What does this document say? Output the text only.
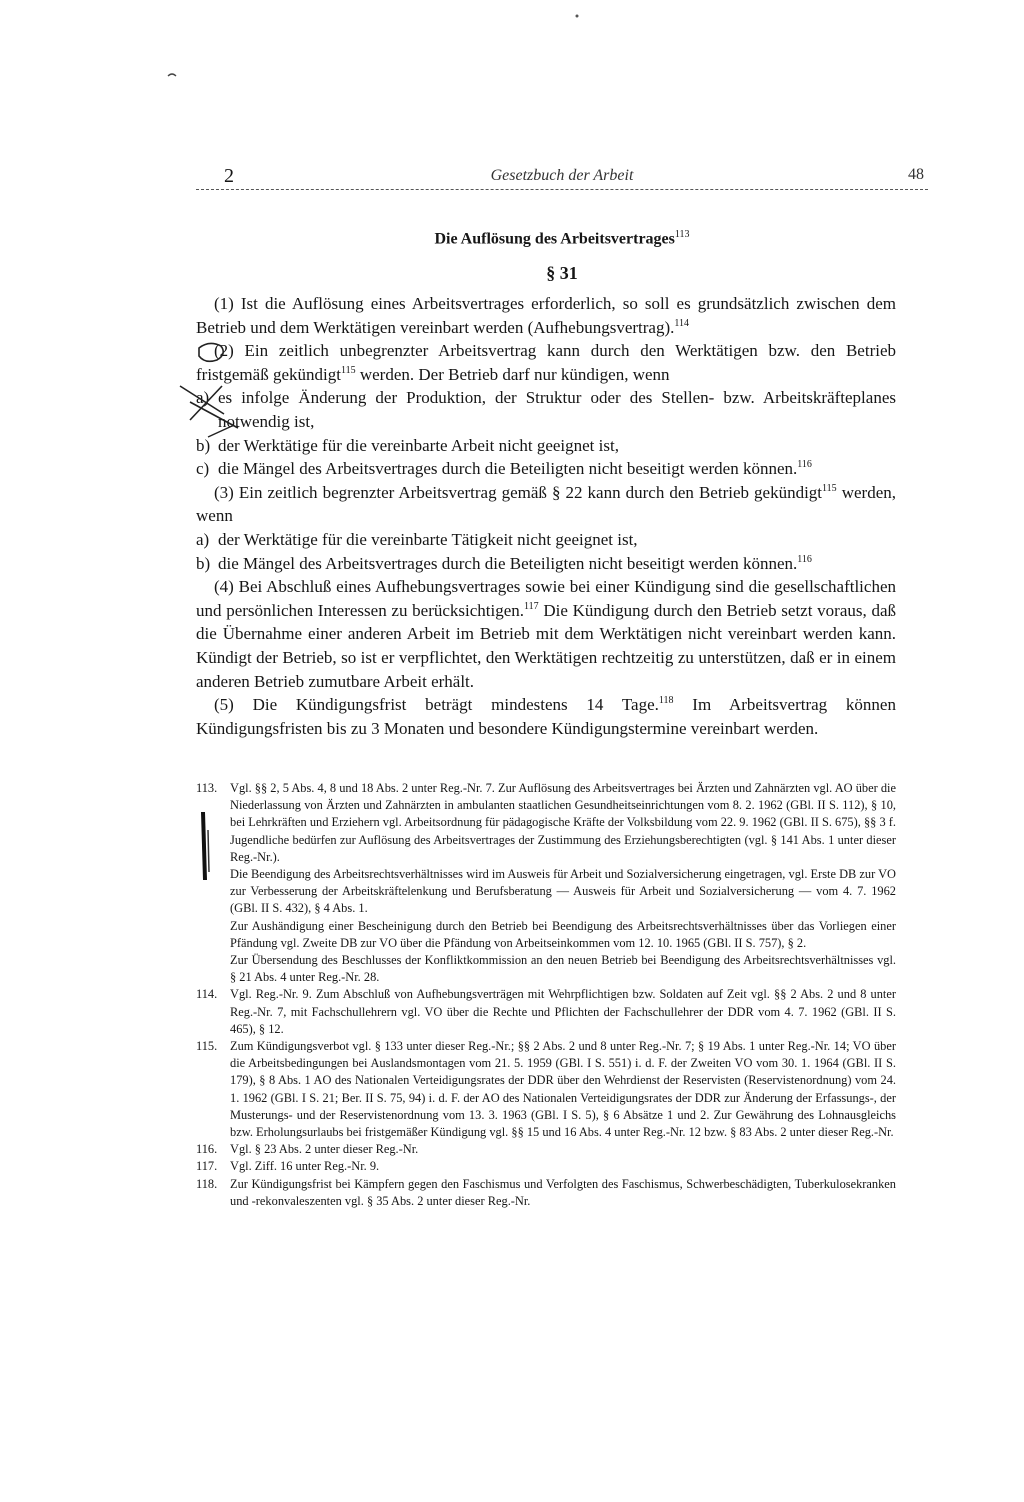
2	Gesetzbuch der Arbeit	48
Die Auflösung des Arbeitsvertrages$^{113}$
§ 31

(1) Ist die Auflösung eines Arbeitsvertrages erforderlich, so soll es grundsätzlich zwischen dem Betrieb und dem Werktätigen vereinbart werden (Aufhebungsvertrag).$^{114}$

(2) Ein zeitlich unbegrenzter Arbeitsvertrag kann durch den Werktätigen bzw. den Betrieb fristgemäß gekündigt$^{115}$ werden. Der Betrieb darf nur kündigen, wenn

a) es infolge Änderung der Produktion, der Struktur oder des Stellen- bzw. Arbeitskräfteplanes notwendig ist,
b) der Werktätige für die vereinbarte Arbeit nicht geeignet ist,
c) die Mängel des Arbeitsvertrages durch die Beteiligten nicht beseitigt werden können.$^{116}$

(3) Ein zeitlich begrenzter Arbeitsvertrag gemäß § 22 kann durch den Betrieb gekündigt$^{115}$ werden, wenn

a) der Werktätige für die vereinbarte Tätigkeit nicht geeignet ist,
b) die Mängel des Arbeitsvertrages durch die Beteiligten nicht beseitigt werden können.$^{116}$

(4) Bei Abschluß eines Aufhebungsvertrages sowie bei einer Kündigung sind die gesellschaftlichen und persönlichen Interessen zu berücksichtigen.$^{117}$ Die Kündigung durch den Betrieb setzt voraus, daß die Übernahme einer anderen Arbeit im Betrieb mit dem Werktätigen nicht vereinbart werden kann. Kündigt der Betrieb, so ist er verpflichtet, den Werktätigen rechtzeitig zu unterstützen, daß er in einem anderen Betrieb zumutbare Arbeit erhält.

(5) Die Kündigungsfrist beträgt mindestens 14 Tage.$^{118}$ Im Arbeitsvertrag können Kündigungsfristen bis zu 3 Monaten und besondere Kündigungstermine vereinbart werden.

113.	Vgl. §§ 2, 5 Abs. 4, 8 und 18 Abs. 2 unter Reg.-Nr. 7. Zur Auflösung des Arbeitsvertrages bei Ärzten und Zahnärzten vgl. AO über die Niederlassung von Ärzten und Zahnärzten in ambulanten staatlichen Gesundheitseinrichtungen vom 8. 2. 1962 (GBl. II S. 112), § 10, bei Lehrkräften und Erziehern vgl. Arbeitsordnung für pädagogische Kräfte der Volksbildung vom 22. 9. 1962 (GBl. II S. 675), §§ 3 f. Jugendliche bedürfen zur Auflösung des Arbeitsvertrages der Zustimmung des Erziehungsberechtigten (vgl. § 141 Abs. 1 unter dieser Reg.-Nr.).

Die Beendigung des Arbeitsrechtsverhältnisses wird im Ausweis für Arbeit und Sozialversicherung eingetragen, vgl. Erste DB zur VO zur Verbesserung der Arbeitskräftelenkung und Berufsberatung — Ausweis für Arbeit und Sozialversicherung — vom 4. 7. 1962 (GBl. II S. 432), § 4 Abs. 1.

Zur Aushändigung einer Bescheinigung durch den Betrieb bei Beendigung des Arbeitsrechtsverhältnisses über das Vorliegen einer Pfändung vgl. Zweite DB zur VO über die Pfändung von Arbeitseinkommen vom 12. 10. 1965 (GBl. II S. 757), § 2.

Zur Übersendung des Beschlusses der Konfliktkommission an den neuen Betrieb bei Beendigung des Arbeitsrechtsverhältnisses vgl. § 21 Abs. 4 unter Reg.-Nr. 28.

114.	Vgl. Reg.-Nr. 9. Zum Abschluß von Aufhebungsverträgen mit Wehrpflichtigen bzw. Soldaten auf Zeit vgl. §§ 2 Abs. 2 und 8 unter Reg.-Nr. 7, mit Fachschullehrern vgl. VO über die Rechte und Pflichten der Fachschullehrer der DDR vom 4. 7. 1962 (GBl. II S. 465), § 12.

115.	Zum Kündigungsverbot vgl. § 133 unter dieser Reg.-Nr.; §§ 2 Abs. 2 und 8 unter Reg.-Nr. 7; § 19 Abs. 1 unter Reg.-Nr. 14; VO über die Arbeitsbedingungen bei Auslandsmontagen vom 21. 5. 1959 (GBl. I S. 551) i. d. F. der Zweiten VO vom 30. 1. 1964 (GBl. II S. 179), § 8 Abs. 1 AO des Nationalen Verteidigungsrates der DDR über den Wehrdienst der Reservisten (Reservistenordnung) vom 24. 1. 1962 (GBl. I S. 21; Ber. II S. 75, 94) i. d. F. der AO des Nationalen Verteidigungsrates der DDR zur Änderung der Erfassungs-, der Musterungs- und der Reservistenordnung vom 13. 3. 1963 (GBl. I S. 5), § 6 Absätze 1 und 2. Zur Gewährung des Lohnausgleichs bzw. Erholungsurlaubs bei fristgemäßer Kündigung vgl. §§ 15 und 16 Abs. 4 unter Reg.-Nr. 12 bzw. § 83 Abs. 2 unter dieser Reg.-Nr.

116.	Vgl. § 23 Abs. 2 unter dieser Reg.-Nr.

117.	Vgl. Ziff. 16 unter Reg.-Nr. 9.

118.	Zur Kündigungsfrist bei Kämpfern gegen den Faschismus und Verfolgten des Faschismus, Schwerbeschädigten, Tuberkulosekranken und -rekonvaleszenten vgl. § 35 Abs. 2 unter dieser Reg.-Nr.
